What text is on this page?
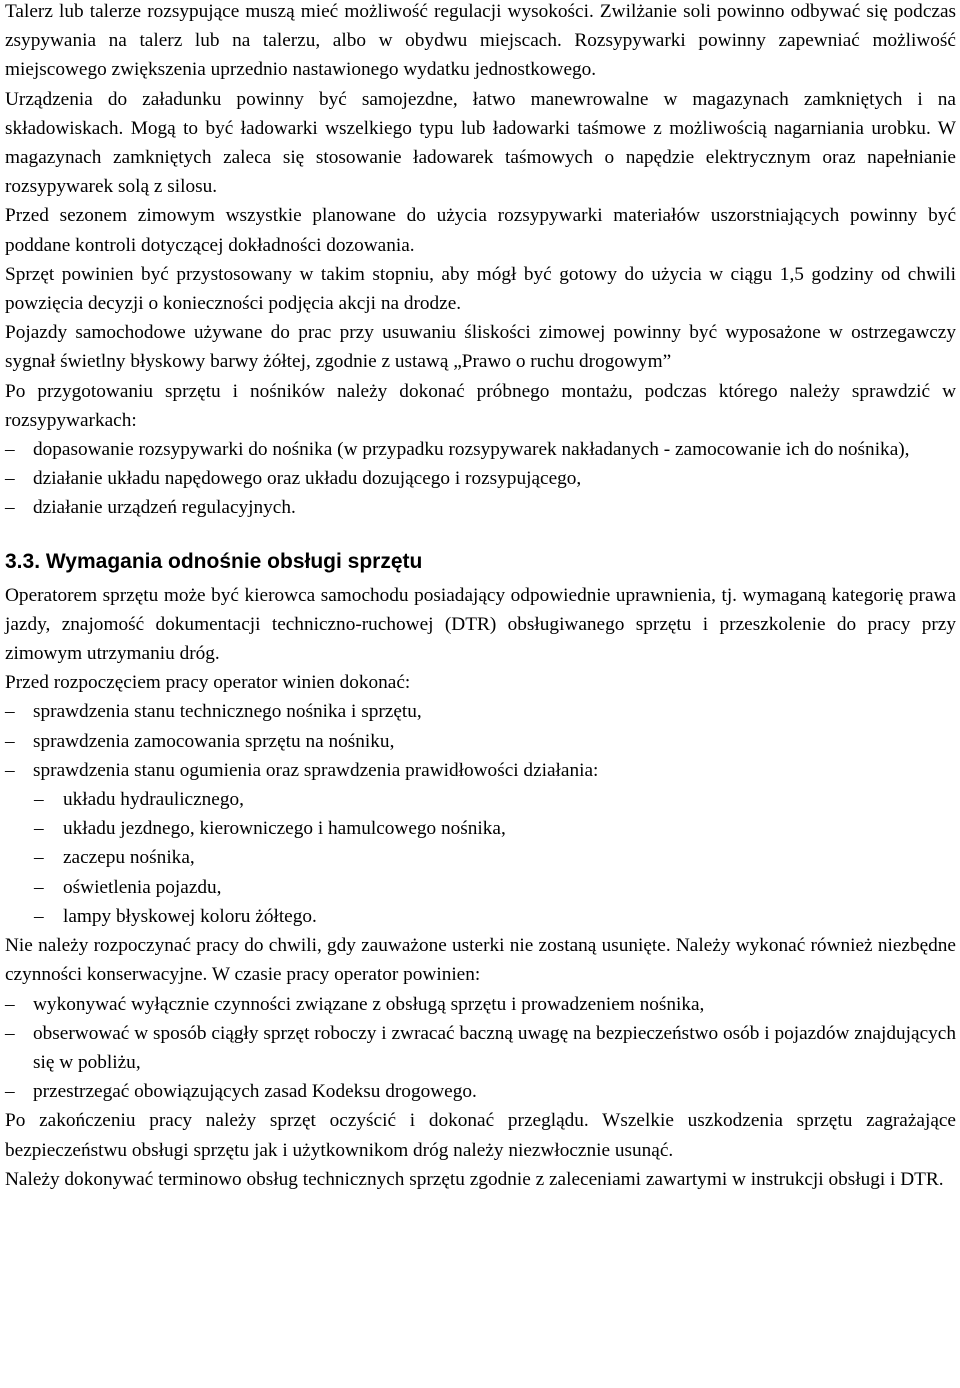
Talerz lub talerze rozsypujące muszą mieć możliwość regulacji wysokości. Zwilżanie soli powinno odbywać się podczas zsypywania na talerz lub na talerzu, albo w obydwu miejscach. Rozsypywarki powinny zapewniać możliwość miejscowego zwiększenia uprzednio nastawionego wydatku jednostkowego.

Urządzenia do załadunku powinny być samojezdne, łatwo manewrowalne w magazynach zamkniętych i na składowiskach. Mogą to być ładowarki wszelkiego typu lub ładowarki taśmowe z możliwością nagarniania urobku. W magazynach zamkniętych zaleca się stosowanie ładowarek taśmowych o napędzie elektrycznym oraz napełnianie rozsypywarek solą z silosu.

Przed sezonem zimowym wszystkie planowane do użycia rozsypywarki materiałów uszorstniających powinny być poddane kontroli dotyczącej dokładności dozowania.

Sprzęt powinien być przystosowany w takim stopniu, aby mógł być gotowy do użycia w ciągu 1,5 godziny od chwili powzięcia decyzji o konieczności podjęcia akcji na drodze.

Pojazdy samochodowe używane do prac przy usuwaniu śliskości zimowej powinny być wyposażone w ostrzegawczy sygnał świetlny błyskowy barwy żółtej, zgodnie z ustawą „Prawo o ruchu drogowym”

Po przygotowaniu sprzętu i nośników należy dokonać próbnego montażu, podczas którego należy sprawdzić w rozsypywarkach:

– dopasowanie rozsypywarki do nośnika (w przypadku rozsypywarek nakładanych - zamocowanie ich do nośnika),
– działanie układu napędowego oraz układu dozującego i rozsypującego,
– działanie urządzeń regulacyjnych.
3.3. Wymagania odnośnie obsługi sprzętu

Operatorem sprzętu może być kierowca samochodu posiadający odpowiednie uprawnienia, tj. wymaganą kategorię prawa jazdy, znajomość dokumentacji techniczno-ruchowej (DTR) obsługiwanego sprzętu i przeszkolenie do pracy przy zimowym utrzymaniu dróg.

Przed rozpoczęciem pracy operator winien dokonać:

– sprawdzenia stanu technicznego nośnika i sprzętu,
– sprawdzenia zamocowania sprzętu na nośniku,
– sprawdzenia stanu ogumienia oraz sprawdzenia prawidłowości działania:
–	układu hydraulicznego,
–	układu jezdnego, kierowniczego i hamulcowego nośnika,
–	zaczepu nośnika,
–	oświetlenia pojazdu,
–	lampy błyskowej koloru żółtego.

Nie należy rozpoczynać pracy do chwili, gdy zauważone usterki nie zostaną usunięte. Należy wykonać również niezbędne czynności konserwacyjne. W czasie pracy operator powinien:

– wykonywać wyłącznie czynności związane z obsługą sprzętu i prowadzeniem nośnika,
– obserwować w sposób ciągły sprzęt roboczy i zwracać baczną uwagę na bezpieczeństwo osób i pojazdów znajdujących się w pobliżu,
– przestrzegać obowiązujących zasad Kodeksu drogowego.

Po zakończeniu pracy należy sprzęt oczyścić i dokonać przeglądu. Wszelkie uszkodzenia sprzętu zagrażające bezpieczeństwu obsługi sprzętu jak i użytkownikom dróg należy niezwłocznie usunąć.

Należy dokonywać terminowo obsług technicznych sprzętu zgodnie z zaleceniami zawartymi w instrukcji obsługi i DTR.
